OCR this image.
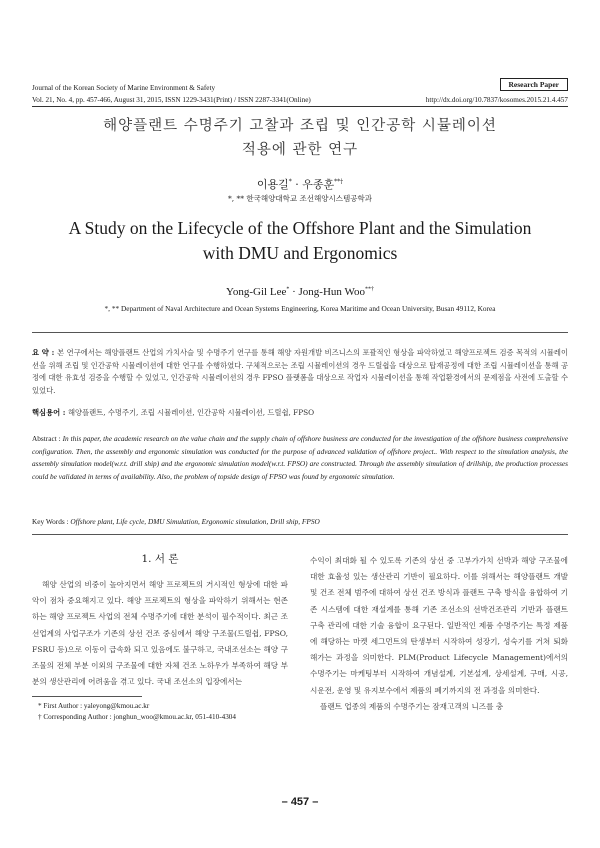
Journal of the Korean Society of Marine Environment & Safety	Research Paper
Vol. 21, No. 4, pp. 457-466, August 31, 2015, ISSN 1229-3431(Print) / ISSN 2287-3341(Online)	http://dx.doi.org/10.7837/kosomes.2015.21.4.457
해양플랜트 수명주기 고찰과 조립 및 인간공학 시뮬레이션
적용에 관한 연구
이용길* · 우종훈**†
*, ** 한국해양대학교 조선해양시스템공학과
A Study on the Lifecycle of the Offshore Plant and the Simulation
with DMU and Ergonomics
Yong-Gil Lee* · Jong-Hun Woo**†
*, ** Department of Naval Architecture and Ocean Systems Engineering, Korea Maritime and Ocean University, Busan 49112, Korea
요 약 : 본 연구에서는 해양플랜트 산업의 가치사슬 및 수명주기 연구를 통해 해양 자원개발 비즈니스의 포괄적인 형상을 파악하였고 해양프로젝트 검증 목적의 시뮬레이션을 위해 조립 및 인간공학 시뮬레이션에 대한 연구를 수행하였다. 구체적으로는 조립 시뮬레이션의 경우 드릴쉽을 대상으로 탑재공정에 대한 조립 시뮬레이션을 통해 공정에 대한 유효성 검증을 수행할 수 있었고, 인간공학 시뮬레이션의 경우 FPSO 플랫폼을 대상으로 작업자 시뮬레이션을 통해 작업환경에서의 문제점을 사전에 도출할 수 있었다.
핵심용어 : 해양플랜트, 수명주기, 조립 시뮬레이션, 인간공학 시뮬레이션, 드릴쉽, FPSO
Abstract : In this paper, the academic research on the value chain and the supply chain of offshore business are conducted for the investigation of the offshore business comprehensive configuration. Then, the assembly and ergonomic simulation was conducted for the purpose of advanced validation of offshore project.. With respect to the simulation analysis, the assembly simulation model(w.r.t. drill ship) and the ergonomic simulation model(w.r.t. FPSO) are constructed. Through the assembly simulation of drillship, the production processes could be validated in terms of availability. Also, the problem of topside design of FPSO was found by ergonomic simulation.
Key Words : Offshore plant, Life cycle, DMU Simulation, Ergonomic simulation, Drill ship, FPSO
1. 서 론

해양 산업의 비중이 높아지면서 해양 프로젝트의 거시적인 형상에 대한 파악이 점차 중요해지고 있다. 해양 프로젝트의 형상을 파악하기 위해서는 현존하는 해양 프로젝트 사업의 전체 수명주기에 대한 분석이 필수적이다. 최근 조선업계의 사업구조가 기존의 상선 건조 중심에서 해양 구조물(드릴쉽, FPSO, FSRU 등)으로 이동이 급속화 되고 있음에도 불구하고, 국내조선소는 해양 구조물의 전체 부분 이외의 구조물에 대한 자체 건조 노하우가 부족하여 해당 부분의 생산관리에 어려움을 겪고 있다. 국내 조선소의 입장에서는

수익이 최대화 될 수 있도록 기존의 상선 중 고부가가치 선박과 해양 구조물에 대한 효율성 있는 생산관리 기반이 필요하다. 이를 위해서는 해양플랜트 개발 및 건조 전체 범주에 대하여 상선 건조 방식과 플랜트 구축 방식을 융합하여 기존 시스템에 대한 재설계를 통해 기존 조선소의 선박건조관리 기반과 플랜트 구축 관리에 대한 기술 융합이 요구된다. 일반적인 제품 수명주기는 특정 제품에 해당하는 마켓 세그먼트의 탄생부터 시작하여 성장기, 성숙기를 거쳐 퇴화해가는 과정을 의미한다. PLM(Product Lifecycle Management)에서의 수명주기는 마케팅부터 시작하여 개념설계, 기본설계, 상세설계, 구매, 시공, 시운전, 운영 및 유지보수에서 제품의 폐기까지의 전 과정을 의미한다.

플랜트 업종의 제품의 수명주기는 잠재고객의 니즈를 충

* First Author : yaleyong@kmou.ac.kr
† Corresponding Author : jonghun_woo@kmou.ac.kr, 051-410-4304
– 457 –
